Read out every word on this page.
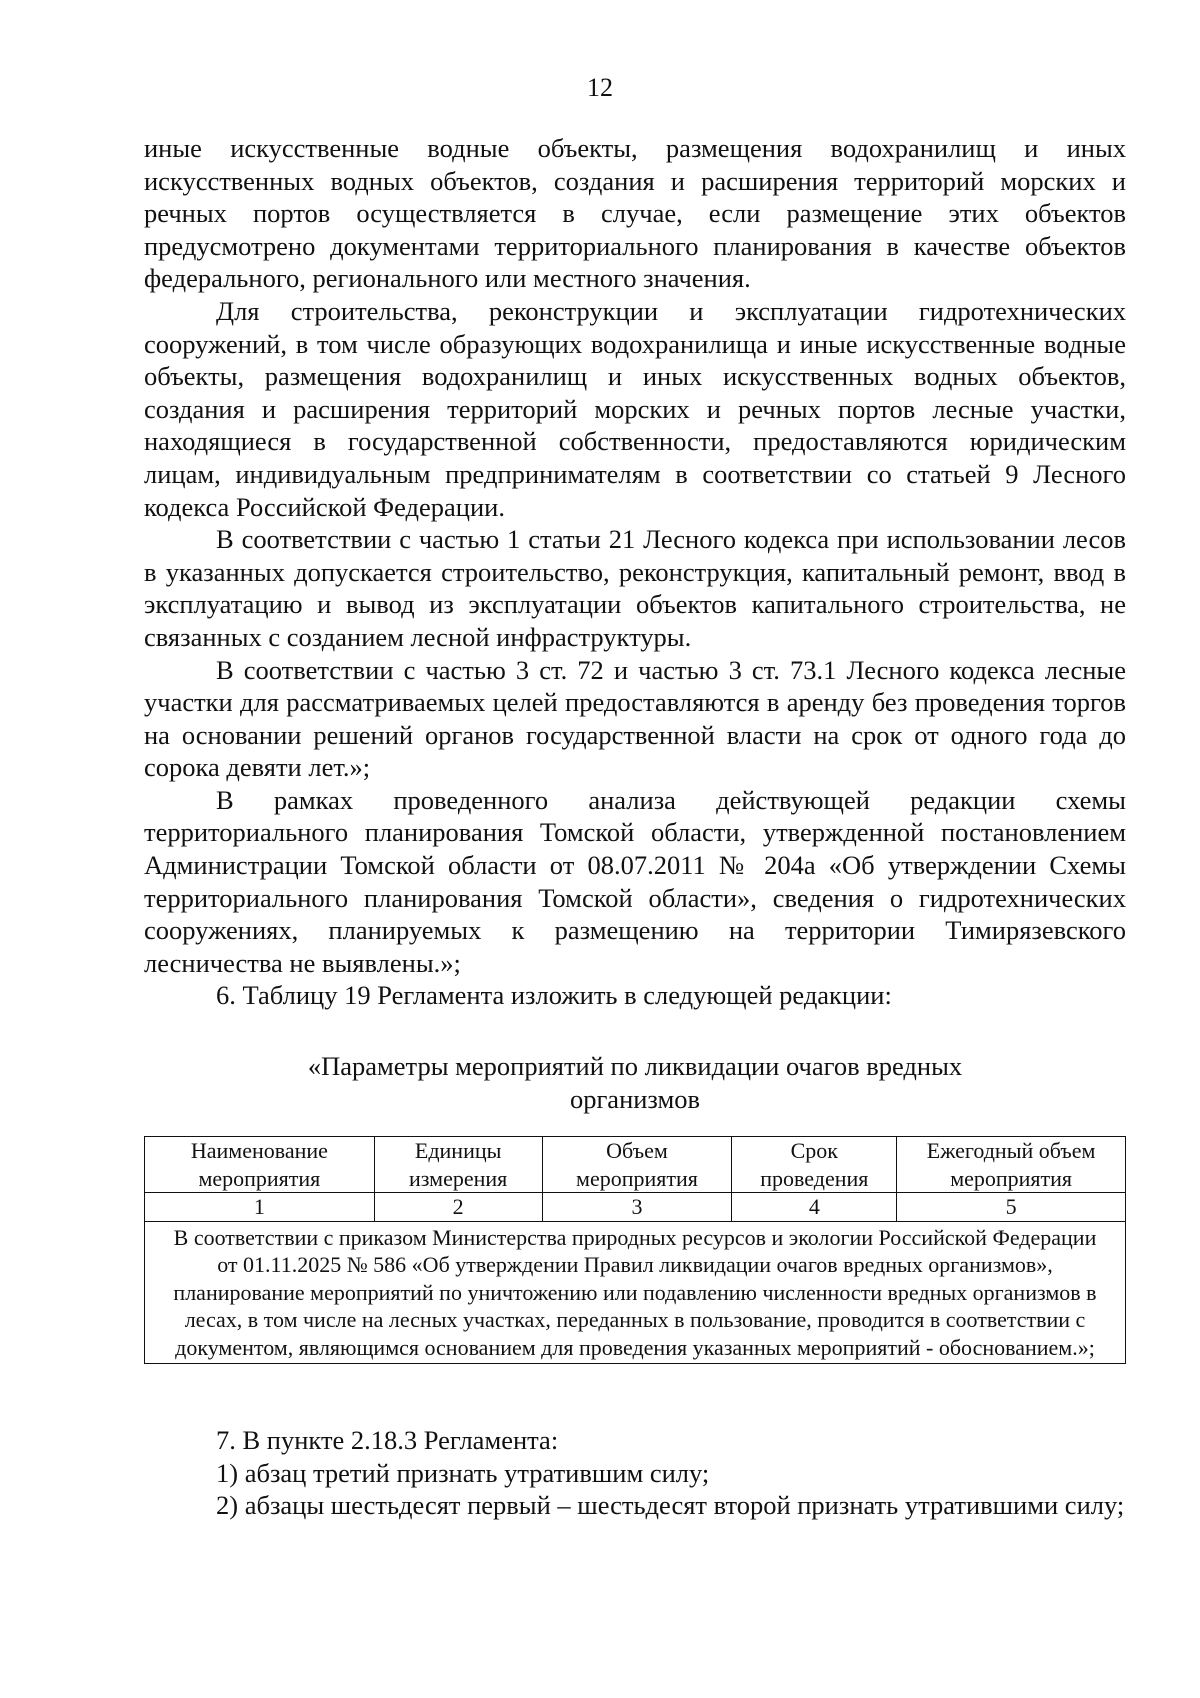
12

иные искусственные водные объекты, размещения водохранилищ и иных искусственных водных объектов, создания и расширения территорий морских и речных портов осуществляется в случае, если размещение этих объектов предусмотрено документами территориального планирования в качестве объектов федерального, регионального или местного значения.

Для строительства, реконструкции и эксплуатации гидротехнических сооружений, в том числе образующих водохранилища и иные искусственные водные объекты, размещения водохранилищ и иных искусственных водных объектов, создания и расширения территорий морских и речных портов лесные участки, находящиеся в государственной собственности, предоставляются юридическим лицам, индивидуальным предпринимателям в соответствии со статьей 9 Лесного кодекса Российской Федерации.

В соответствии с частью 1 статьи 21 Лесного кодекса при использовании лесов в указанных допускается строительство, реконструкция, капитальный ремонт, ввод в эксплуатацию и вывод из эксплуатации объектов капитального строительства, не связанных с созданием лесной инфраструктуры.

В соответствии с частью 3 ст. 72 и частью 3 ст. 73.1 Лесного кодекса лесные участки для рассматриваемых целей предоставляются в аренду без проведения торгов на основании решений органов государственной власти на срок от одного года до сорока девяти лет.»;

В рамках проведенного анализа действующей редакции схемы территориального планирования Томской области, утвержденной постановлением Администрации Томской области от 08.07.2011 № 204а «Об утверждении Схемы территориального планирования Томской области», сведения о гидротехнических сооружениях, планируемых к размещению на территории Тимирязевского лесничества не выявлены.»;

6. Таблицу 19 Регламента изложить в следующей редакции:

«Параметры мероприятий по ликвидации очагов вредных
организмов
Наименование мероприятия	Единицы измерения	Объем мероприятия	Срок проведения	Ежегодный объем мероприятия
1	2	3	4	5
В соответствии с приказом Министерства природных ресурсов и экологии Российской Федерации от 01.11.2025 № 586 «Об утверждении Правил ликвидации очагов вредных организмов», планирование мероприятий по уничтожению или подавлению численности вредных организмов в лесах, в том числе на лесных участках, переданных в пользование, проводится в соответствии с документом, являющимся основанием для проведения указанных мероприятий - обоснованием.»;				

7. В пункте 2.18.3 Регламента:

1) абзац третий признать утратившим силу;

2) абзацы шестьдесят первый – шестьдесят второй признать утратившими силу;
